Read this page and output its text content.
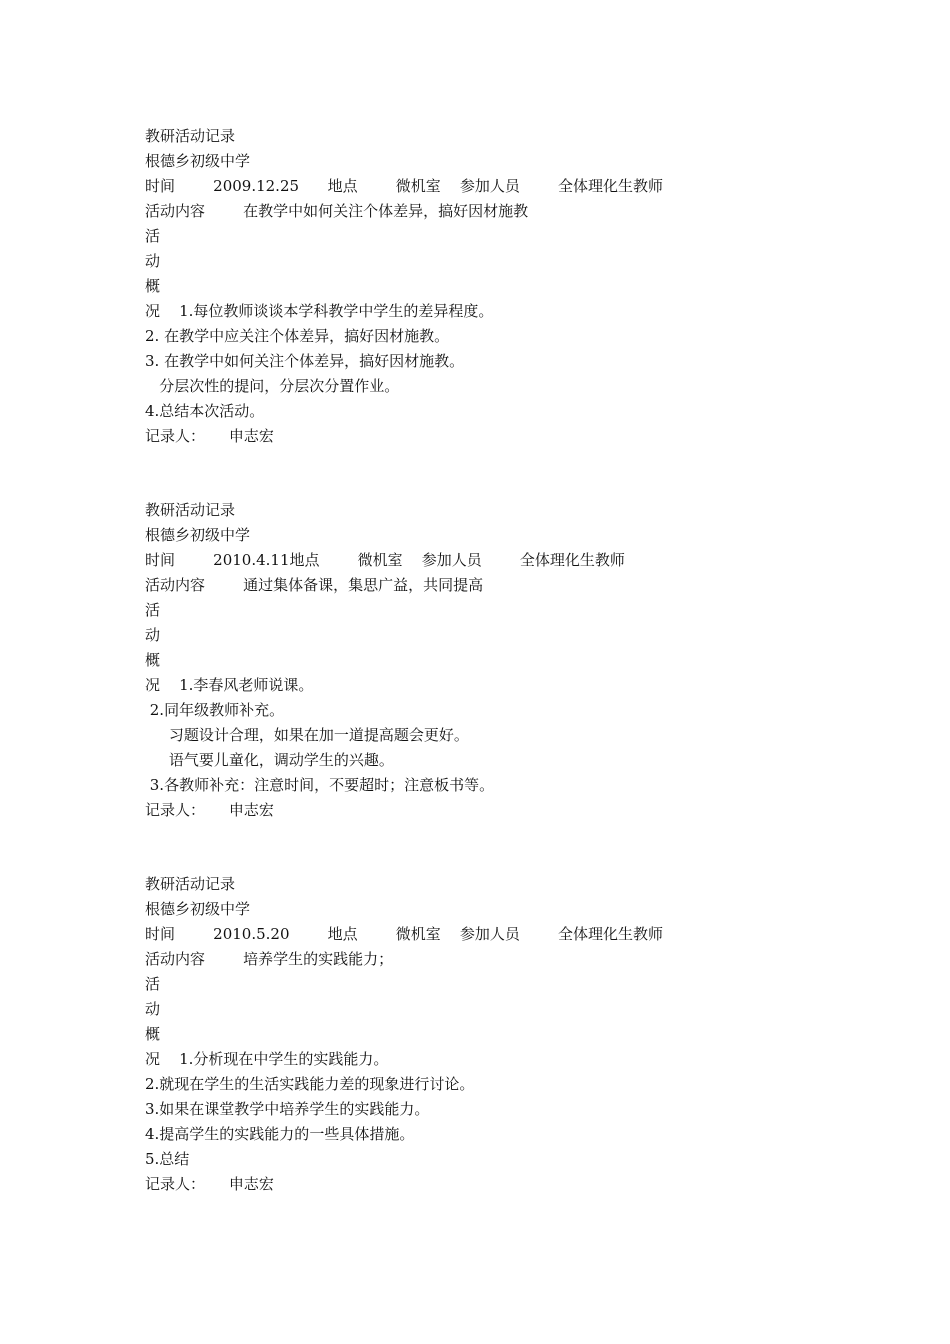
教研活动记录
根德乡初级中学
时间        2009.12.25      地点        微机室    参加人员        全体理化生教师
活动内容        在教学中如何关注个体差异，搞好因材施教
活
动
概
况    1.每位教师谈谈本学科教学中学生的差异程度。
2. 在教学中应关注个体差异，搞好因材施教。
3. 在教学中如何关注个体差异，搞好因材施教。
分层次性的提问，分层次分置作业。
4.总结本次活动。
记录人：     申志宏
教研活动记录
根德乡初级中学
时间        2010.4.11地点        微机室    参加人员        全体理化生教师
活动内容        通过集体备课，集思广益，共同提高
活
动
概
况    1.李春风老师说课。
2.同年级教师补充。
习题设计合理，如果在加一道提高题会更好。
语气要儿童化，调动学生的兴趣。
3.各教师补充：注意时间，不要超时；注意板书等。
记录人：     申志宏
教研活动记录
根德乡初级中学
时间        2010.5.20        地点        微机室    参加人员        全体理化生教师
活动内容        培养学生的实践能力；
活
动
概
况    1.分析现在中学生的实践能力。
2.就现在学生的生活实践能力差的现象进行讨论。
3.如果在课堂教学中培养学生的实践能力。
4.提高学生的实践能力的一些具体措施。
5.总结
记录人：     申志宏
